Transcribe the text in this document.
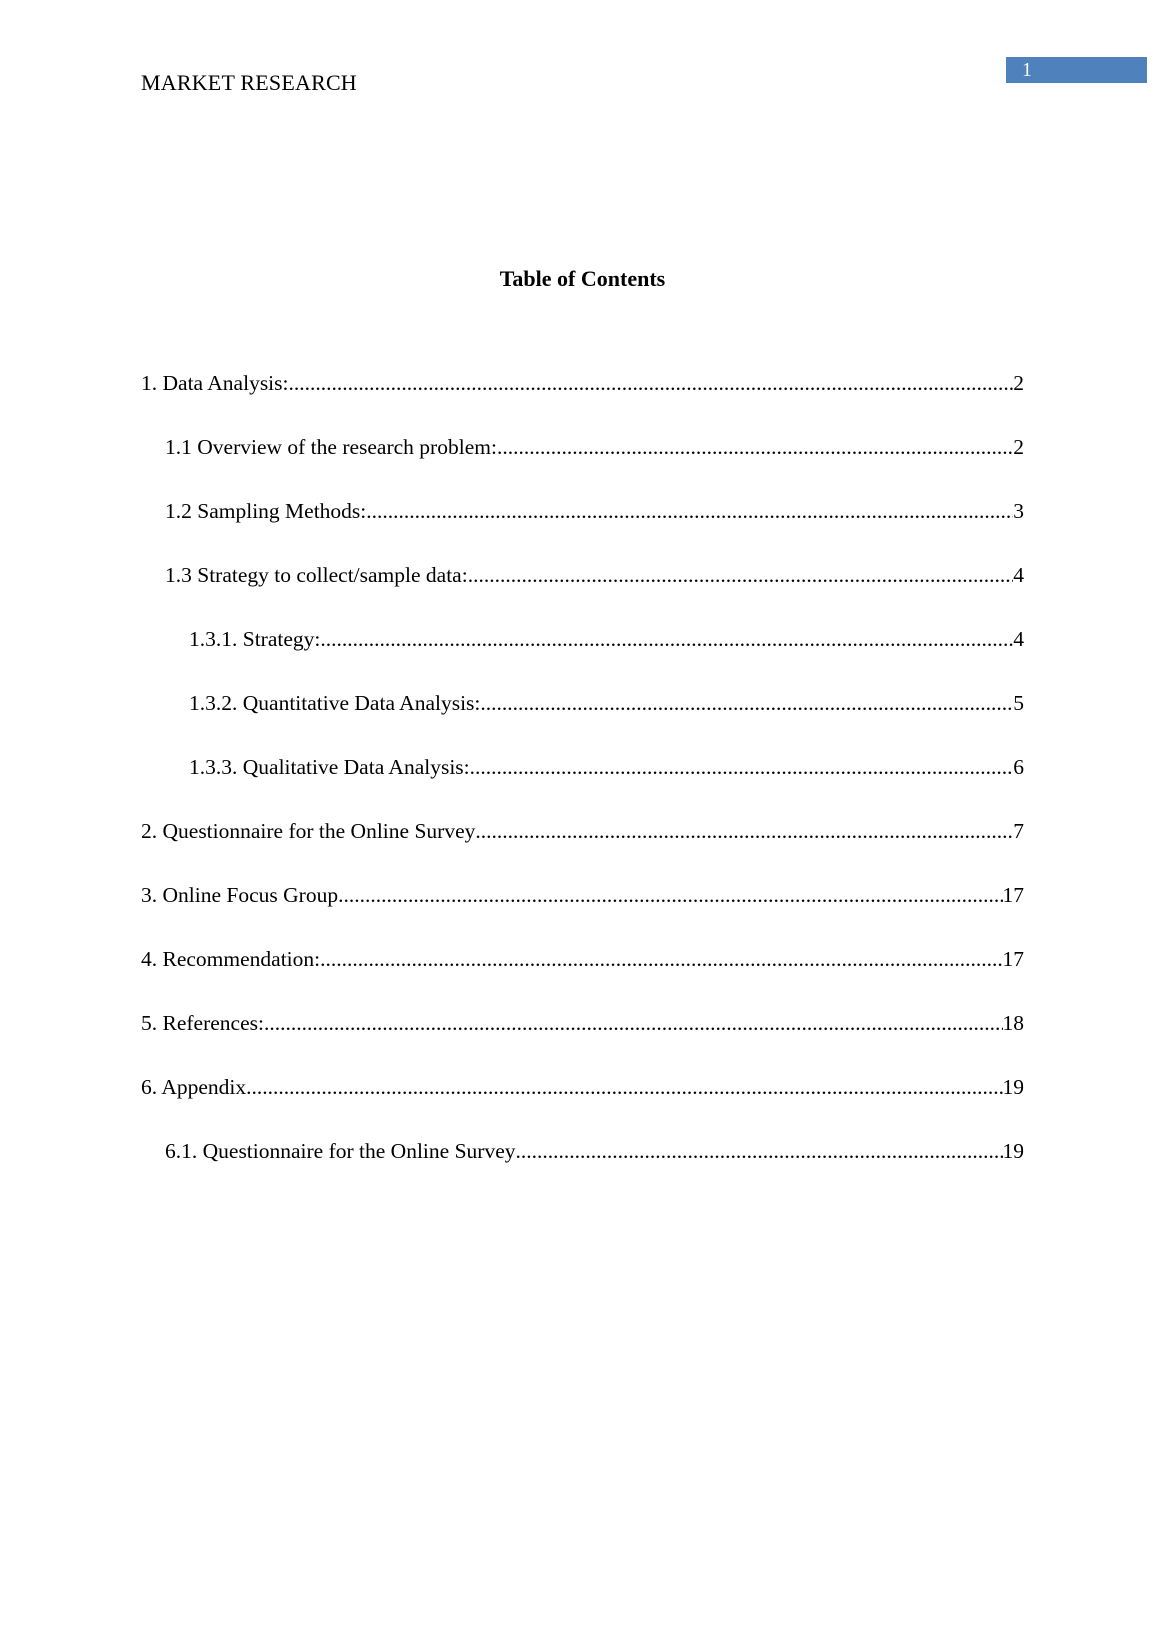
MARKET RESEARCH	1
Table of Contents
1. Data Analysis: .....	2
1.1 Overview of the research problem: .....	2
1.2 Sampling Methods: .....	3
1.3 Strategy to collect/sample data: .....	4
1.3.1. Strategy: .....	4
1.3.2. Quantitative Data Analysis: .....	5
1.3.3. Qualitative Data Analysis: .....	6
2. Questionnaire for the Online Survey .....	7
3. Online Focus Group .....	17
4. Recommendation: .....	17
5. References: .....	18
6. Appendix .....	19
6.1. Questionnaire for the Online Survey .....	19
